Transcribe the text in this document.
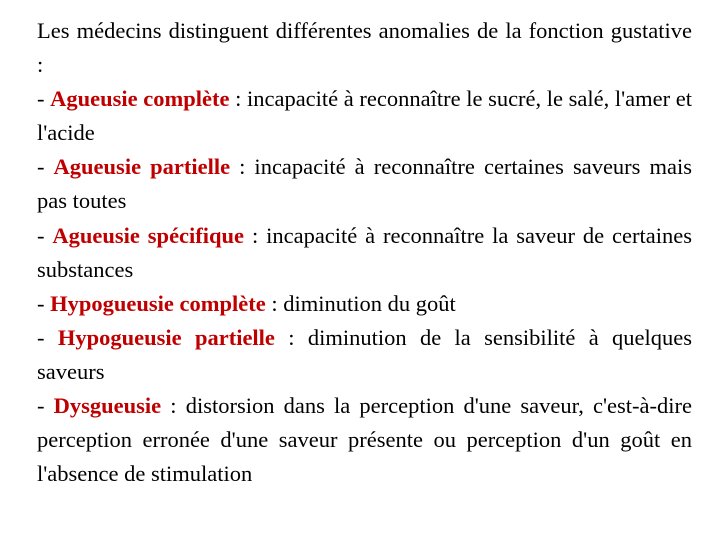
Les médecins distinguent différentes anomalies de la fonction gustative :

- Agueusie complète : incapacité à reconnaître le sucré, le salé, l'amer et l'acide

- Agueusie partielle : incapacité à reconnaître certaines saveurs mais pas toutes

- Agueusie spécifique : incapacité à reconnaître la saveur de certaines substances

- Hypogueusie complète : diminution du goût

- Hypogueusie partielle : diminution de la sensibilité à quelques saveurs

- Dysgueusie : distorsion dans la perception d'une saveur, c'est-à-dire perception erronée d'une saveur présente ou perception d'un goût en l'absence de stimulation
